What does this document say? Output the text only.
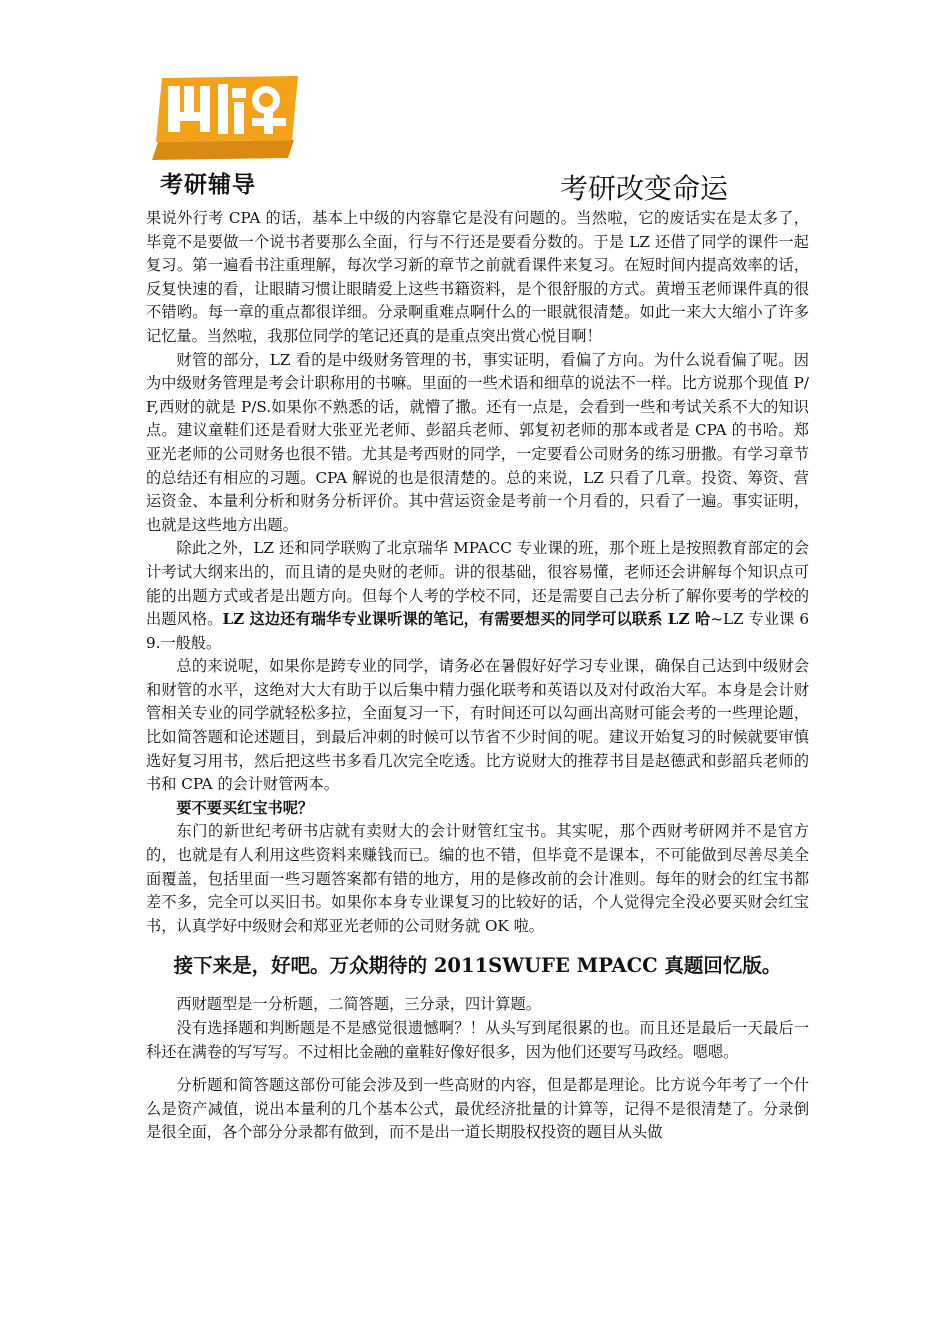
考研辅导	考研改变命运

果说外行考 CPA 的话，基本上中级的内容靠它是没有问题的。当然啦，它的废话实在是太多了，毕竟不是要做一个说书者要那么全面，行与不行还是要看分数的。于是 LZ 还借了同学的课件一起复习。第一遍看书注重理解，每次学习新的章节之前就看课件来复习。在短时间内提高效率的话，反复快速的看，让眼睛习惯让眼睛爱上这些书籍资料，是个很舒服的方式。黄增玉老师课件真的很不错哟。每一章的重点都很详细。分录啊重难点啊什么的一眼就很清楚。如此一来大大缩小了许多记忆量。当然啦，我那位同学的笔记还真的是重点突出赏心悦目啊！

财管的部分，LZ 看的是中级财务管理的书，事实证明，看偏了方向。为什么说看偏了呢。因为中级财务管理是考会计职称用的书嘛。里面的一些术语和细草的说法不一样。比方说那个现值 P/F,西财的就是 P/S.如果你不熟悉的话，就懵了撒。还有一点是，会看到一些和考试关系不大的知识点。建议童鞋们还是看财大张亚光老师、彭韶兵老师、郭复初老师的那本或者是 CPA 的书哈。郑亚光老师的公司财务也很不错。尤其是考西财的同学，一定要看公司财务的练习册撒。有学习章节的总结还有相应的习题。CPA 解说的也是很清楚的。总的来说，LZ 只看了几章。投资、筹资、营运资金、本量利分析和财务分析评价。其中营运资金是考前一个月看的，只看了一遍。事实证明，也就是这些地方出题。

除此之外，LZ 还和同学联购了北京瑞华 MPACC 专业课的班，那个班上是按照教育部定的会计考试大纲来出的，而且请的是央财的老师。讲的很基础，很容易懂，老师还会讲解每个知识点可能的出题方式或者是出题方向。但每个人考的学校不同，还是需要自己去分析了解你要考的学校的出题风格。LZ 这边还有瑞华专业课听课的笔记，有需要想买的同学可以联系 LZ 哈~LZ 专业课 69.一般般。

总的来说呢，如果你是跨专业的同学，请务必在暑假好好学习专业课，确保自己达到中级财会和财管的水平，这绝对大大有助于以后集中精力强化联考和英语以及对付政治大军。本身是会计财管相关专业的同学就轻松多拉，全面复习一下，有时间还可以勾画出高财可能会考的一些理论题，比如简答题和论述题目，到最后冲刺的时候可以节省不少时间的呢。建议开始复习的时候就要审慎选好复习用书，然后把这些书多看几次完全吃透。比方说财大的推荐书目是赵德武和彭韶兵老师的书和 CPA 的会计财管两本。

要不要买红宝书呢？

东门的新世纪考研书店就有卖财大的会计财管红宝书。其实呢，那个西财考研网并不是官方的，也就是有人利用这些资料来赚钱而已。编的也不错，但毕竟不是课本，不可能做到尽善尽美全面覆盖，包括里面一些习题答案都有错的地方，用的是修改前的会计准则。每年的财会的红宝书都差不多，完全可以买旧书。如果你本身专业课复习的比较好的话，个人觉得完全没必要买财会红宝书，认真学好中级财会和郑亚光老师的公司财务就 OK 啦。

接下来是，好吧。万众期待的 2011SWUFE MPACC 真题回忆版。

西财题型是一分析题，二简答题，三分录，四计算题。

没有选择题和判断题是不是感觉很遗憾啊？！从头写到尾很累的也。而且还是最后一天最后一科还在满卷的写写写。不过相比金融的童鞋好像好很多，因为他们还要写马政经。嗯嗯。

分析题和简答题这部份可能会涉及到一些高财的内容，但是都是理论。比方说今年考了一个什么是资产减值，说出本量利的几个基本公式，最优经济批量的计算等，记得不是很清楚了。分录倒是很全面，各个部分分录都有做到，而不是出一道长期股权投资的题目从头做
